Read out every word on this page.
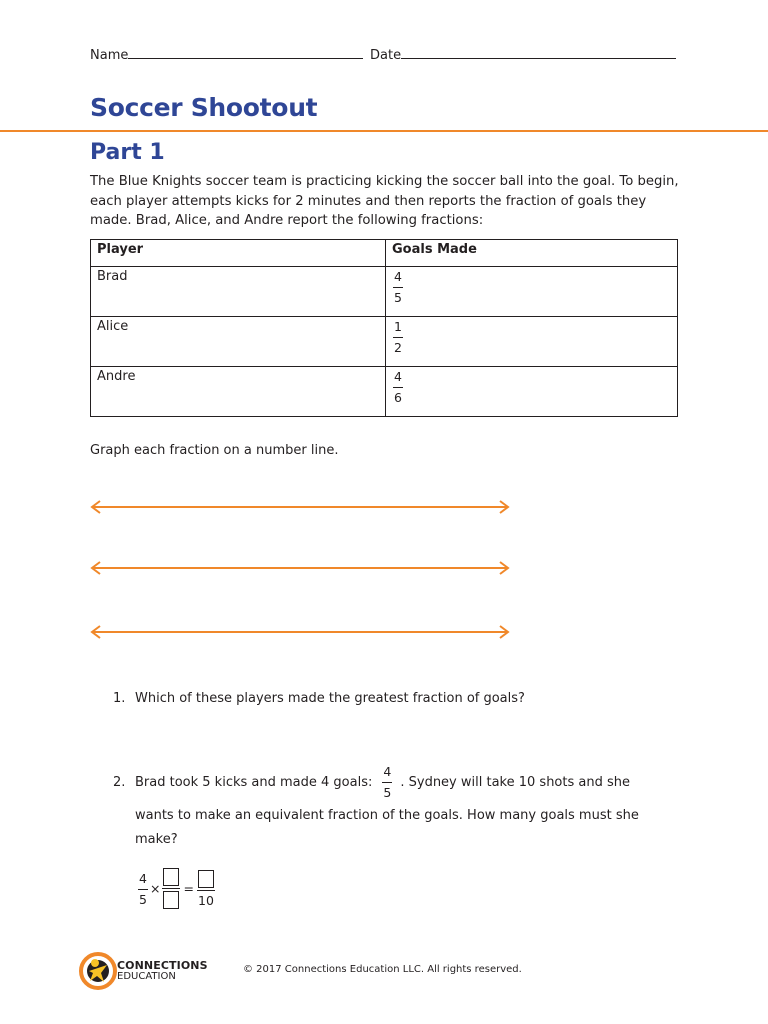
Name	Date
Soccer Shootout
Part 1
The Blue Knights soccer team is practicing kicking the soccer ball into the goal. To begin, each player attempts kicks for 2 minutes and then reports the fraction of goals they made. Brad, Alice, and Andre report the following fractions:
Player	Goals Made
Brad	$\frac{4}{5}$

Alice	$\frac{1}{2}$

Andre	$\frac{4}{6}$
Graph each fraction on a number line.
1. Which of these players made the greatest fraction of goals?
2. Brad took 5 kicks and made 4 goals: $\frac{4}{5}$ . Sydney will take 10 shots and she
wants to make an equivalent fraction of the goals. How many goals must she
make?
$\frac{4}{5}$ × =
10
CONNECTIONS
EDUCATION
© 2017 Connections Education LLC. All rights reserved.
